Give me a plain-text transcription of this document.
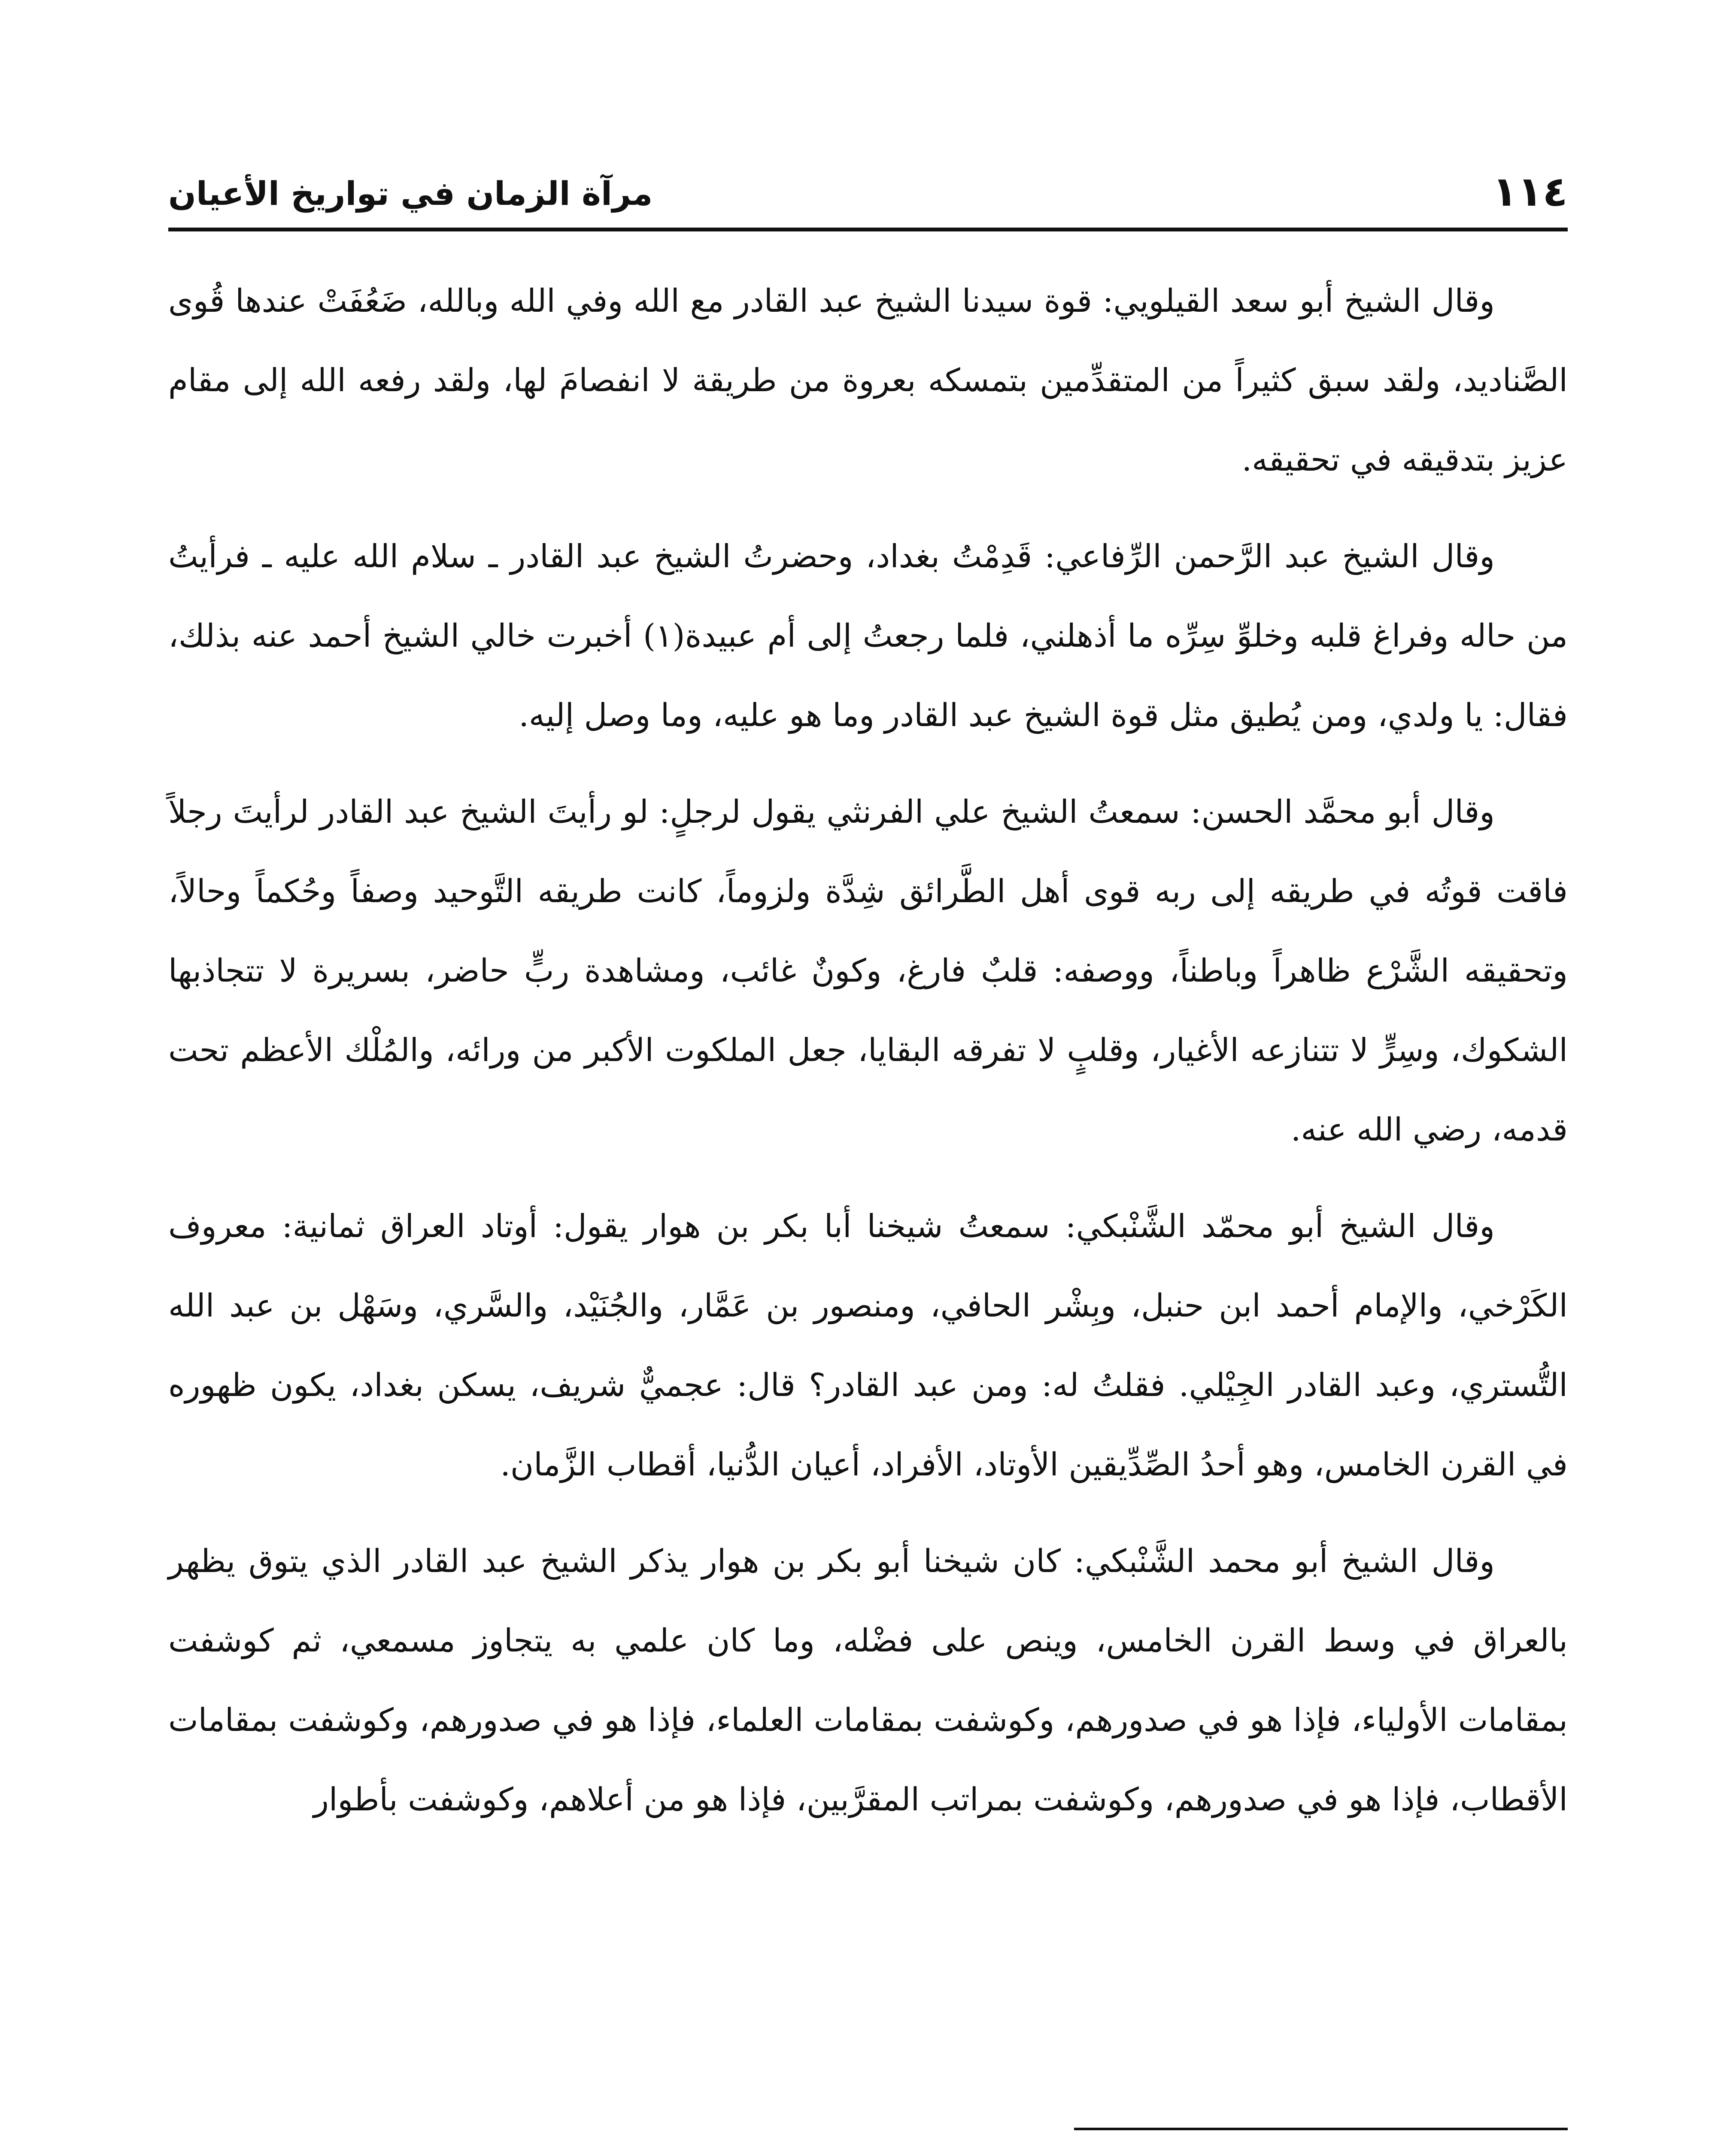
١١٤
مرآة الزمان في تواريخ الأعيان

وقال الشيخ أبو سعد القيلويي: قوة سيدنا الشيخ عبد القادر مع الله وفي الله وبالله، ضَعُفَتْ عندها قُوى الصَّناديد، ولقد سبق كثيراً من المتقدِّمين بتمسكه بعروة من طريقة لا انفصامَ لها، ولقد رفعه الله إلى مقام عزيز بتدقيقه في تحقيقه.

وقال الشيخ عبد الرَّحمن الرِّفاعي: قَدِمْتُ بغداد، وحضرتُ الشيخ عبد القادر ـ سلام الله عليه ـ فرأيتُ من حاله وفراغ قلبه وخلوِّ سِرِّه ما أذهلني، فلما رجعتُ إلى أم عبيدة(١) أخبرت خالي الشيخ أحمد عنه بذلك، فقال: يا ولدي، ومن يُطيق مثل قوة الشيخ عبد القادر وما هو عليه، وما وصل إليه.

وقال أبو محمَّد الحسن: سمعتُ الشيخ علي الفرنثي يقول لرجلٍ: لو رأيتَ الشيخ عبد القادر لرأيتَ رجلاً فاقت قوتُه في طريقه إلى ربه قوى أهل الطَّرائق شِدَّة ولزوماً، كانت طريقه التَّوحيد وصفاً وحُكماً وحالاً، وتحقيقه الشَّرْع ظاهراً وباطناً، ووصفه: قلبٌ فارغ، وكونٌ غائب، ومشاهدة ربٍّ حاضر، بسريرة لا تتجاذبها الشكوك، وسِرٍّ لا تتنازعه الأغيار، وقلبٍ لا تفرقه البقايا، جعل الملكوت الأكبر من ورائه، والمُلْك الأعظم تحت قدمه، رضي الله عنه.

وقال الشيخ أبو محمّد الشَّنْبكي: سمعتُ شيخنا أبا بكر بن هوار يقول: أوتاد العراق ثمانية: معروف الكَرْخي، والإمام أحمد ابن حنبل، وبِشْر الحافي، ومنصور بن عَمَّار، والجُنَيْد، والسَّري، وسَهْل بن عبد الله التُّستري، وعبد القادر الجِيْلي. فقلتُ له: ومن عبد القادر؟ قال: عجميٌّ شريف، يسكن بغداد، يكون ظهوره في القرن الخامس، وهو أحدُ الصِّدِّيقين الأوتاد، الأفراد، أعيان الدُّنيا، أقطاب الزَّمان.

وقال الشيخ أبو محمد الشَّنْبكي: كان شيخنا أبو بكر بن هوار يذكر الشيخ عبد القادر الذي يتوق يظهر بالعراق في وسط القرن الخامس، وينص على فضْله، وما كان علمي به يتجاوز مسمعي، ثم كوشفت بمقامات الأولياء، فإذا هو في صدورهم، وكوشفت بمقامات العلماء، فإذا هو في صدورهم، وكوشفت بمقامات الأقطاب، فإذا هو في صدورهم، وكوشفت بمراتب المقرَّبين، فإذا هو من أعلاهم، وكوشفت بأطوار
